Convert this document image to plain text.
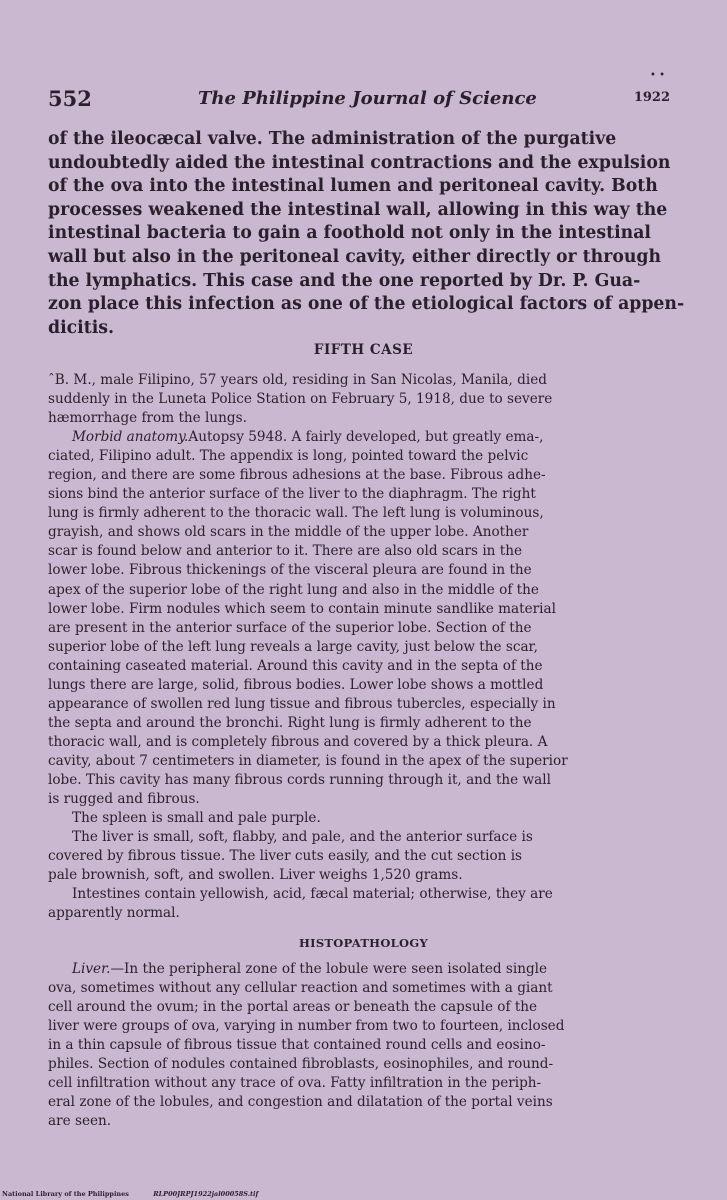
• •
552	The Philippine Journal of Science	1922
of the ileocæcal valve. The administration of the purgative
undoubtedly aided the intestinal contractions and the expulsion
of the ova into the intestinal lumen and peritoneal cavity. Both
processes weakened the intestinal wall, allowing in this way the
intestinal bacteria to gain a foothold not only in the intestinal
wall but also in the peritoneal cavity, either directly or through
the lymphatics. This case and the one reported by Dr. P. Gua-
zon place this infection as one of the etiological factors of appen-
dicitis.
FIFTH CASE
ˆB. M., male Filipino, 57 years old, residing in San Nicolas, Manila, died
suddenly in the Luneta Police Station on February 5, 1918, due to severe
hæmorrhage from the lungs.
Morbid anatomy.Autopsy 5948. A fairly developed, but greatly ema-,
ciated, Filipino adult. The appendix is long, pointed toward the pelvic
region, and there are some fibrous adhesions at the base. Fibrous adhe-
sions bind the anterior surface of the liver to the diaphragm. The right
lung is firmly adherent to the thoracic wall. The left lung is voluminous,
grayish, and shows old scars in the middle of the upper lobe. Another
scar is found below and anterior to it. There are also old scars in the
lower lobe. Fibrous thickenings of the visceral pleura are found in the
apex of the superior lobe of the right lung and also in the middle of the
lower lobe. Firm nodules which seem to contain minute sandlike material
are present in the anterior surface of the superior lobe. Section of the
superior lobe of the left lung reveals a large cavity, just below the scar,
containing caseated material. Around this cavity and in the septa of the
lungs there are large, solid, fibrous bodies. Lower lobe shows a mottled
appearance of swollen red lung tissue and fibrous tubercles, especially in
the septa and around the bronchi. Right lung is firmly adherent to the
thoracic wall, and is completely fibrous and covered by a thick pleura. A
cavity, about 7 centimeters in diameter, is found in the apex of the superior
lobe. This cavity has many fibrous cords running through it, and the wall
is rugged and fibrous.
The spleen is small and pale purple.
The liver is small, soft, flabby, and pale, and the anterior surface is
covered by fibrous tissue. The liver cuts easily, and the cut section is
pale brownish, soft, and swollen. Liver weighs 1,520 grams.
Intestines contain yellowish, acid, fæcal material; otherwise, they are
apparently normal.
HISTOPATHOLOGY
Liver.—In the peripheral zone of the lobule were seen isolated single
ova, sometimes without any cellular reaction and sometimes with a giant
cell around the ovum; in the portal areas or beneath the capsule of the
liver were groups of ova, varying in number from two to fourteen, inclosed
in a thin capsule of fibrous tissue that contained round cells and eosino-
philes. Section of nodules contained fibroblasts, eosinophiles, and round-
cell infiltration without any trace of ova. Fatty infiltration in the periph-
eral zone of the lobules, and congestion and dilatation of the portal veins
are seen.
National Library of the Philippines	RLP00JRPJ1922jal00058S.tif
